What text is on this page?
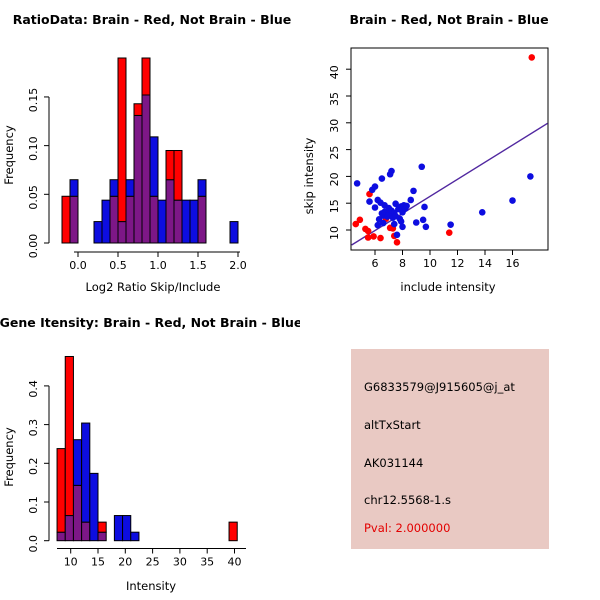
0.00
0.05
0.10
0.15
0.0 0.5 1.0 1.5 2.0
RatioData: Brain - Red, Not Brain - Blue
Log2 Ratio Skip/Include
Frequency
6 8 10 12 14 16
10
15
20
25
30
35
40
Brain - Red, Not Brain - Blue
include intensity
skip intensity
0.0
0.1
0.2
0.3
0.4
10 15 20 25 30 35 40
Gene Itensity: Brain - Red, Not Brain - Blue
Intensity
Frequency
G6833579@J915605@j_at
altTxStart
AK031144
chr12.5568-1.s
Pval: 2.000000
